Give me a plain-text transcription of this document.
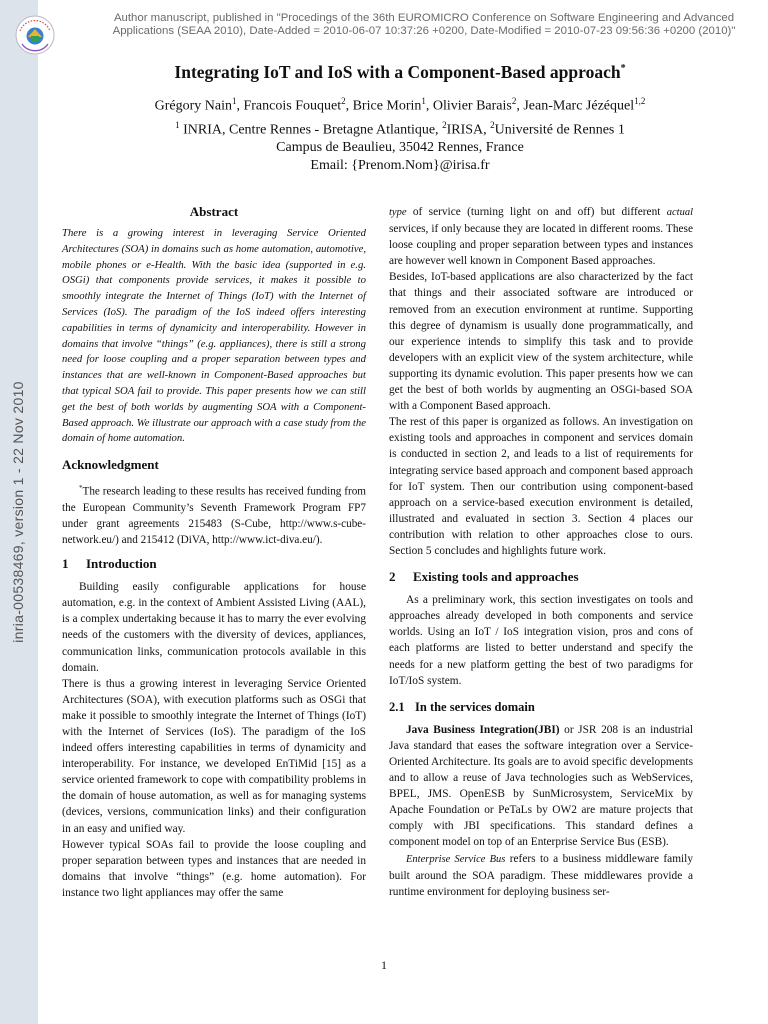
inria-00538469, version 1 - 22 Nov 2010
Author manuscript, published in "Procedings of the 36th EUROMICRO Conference on Software Engineering and Advanced Applications (SEAA 2010), Date-Added = 2010-06-07 10:37:26 +0200, Date-Modified = 2010-07-23 09:56:36 +0200 (2010)"
Integrating IoT and IoS with a Component-Based approach*
Grégory Nain$^1$, Francois Fouquet$^2$, Brice Morin$^1$, Olivier Barais$^2$, Jean-Marc Jézéquel$^{1,2}$
$^1$ INRIA, Centre Rennes - Bretagne Atlantique, $^2$IRISA, $^2$Université de Rennes 1
Campus de Beaulieu, 35042 Rennes, France
Email: {Prenom.Nom}@irisa.fr

Abstract

There is a growing interest in leveraging Service Oriented Architectures (SOA) in domains such as home automation, automotive, mobile phones or e-Health. With the basic idea (supported in e.g. OSGi) that components provide services, it makes it possible to smoothly integrate the Internet of Things (IoT) with the Internet of Services (IoS). The paradigm of the IoS indeed offers interesting capabilities in terms of dynamicity and interoperability. However in domains that involve “things” (e.g. appliances), there is still a strong need for loose coupling and a proper separation between types and instances that are well-known in Component-Based approaches but that typical SOA fail to provide. This paper presents how we can still get the best of both worlds by augmenting SOA with a Component-Based approach. We illustrate our approach with a case study from the domain of home automation.

Acknowledgment

*The research leading to these results has received funding from the European Community’s Seventh Framework Program FP7 under grant agreements 215483 (S-Cube, http://www.s-cube-network.eu/) and 215412 (DiVA, http://www.ict-diva.eu/).

1 Introduction

Building easily configurable applications for house automation, e.g. in the context of Ambient Assisted Living (AAL), is a complex undertaking because it has to marry the ever evolving needs of the customers with the diversity of devices, appliances, communication links, communication protocols available in this domain.

There is thus a growing interest in leveraging Service Oriented Architectures (SOA), with execution platforms such as OSGi that make it possible to smoothly integrate the Internet of Things (IoT) with the Internet of Services (IoS). The paradigm of the IoS indeed offers interesting capabilities in terms of dynamicity and interoperability. For instance, we developed EnTiMid [15] as a service oriented framework to cope with compatibility problems in the domain of house automation, as well as for managing systems (devices, versions, communication links) and their configuration in an easy and unified way.

However typical SOAs fail to provide the loose coupling and proper separation between types and instances that are needed in domains that involve “things” (e.g. home automation). For instance two light appliances may offer the same

type of service (turning light on and off) but different actual services, if only because they are located in different rooms. These loose coupling and proper separation between types and instances are however well known in Component Based approaches.

Besides, IoT-based applications are also characterized by the fact that things and their associated software are introduced or removed from an execution environment at runtime. Supporting this degree of dynamism is usually done programmatically, and our experience intends to simplify this task and to provide developers with an explicit view of the system architecture, while supporting its dynamic evolution. This paper presents how we can get the best of both worlds by augmenting an OSGi-based SOA with a Component Based approach.

The rest of this paper is organized as follows. An investigation on existing tools and approaches in component and services domain is conducted in section 2, and leads to a list of requirements for integrating service based approach and component based approach for IoT system. Then our contribution using component-based approach on a service-based execution environment is detailed, illustrated and evaluated in section 3. Section 4 places our contribution with relation to other approaches close to ours. Section 5 concludes and highlights future work.

2 Existing tools and approaches

As a preliminary work, this section investigates on tools and approaches already developed in both components and service worlds. Using an IoT / IoS integration vision, pros and cons of each platforms are listed to better understand and specify the needs for a new platform getting the best of two paradigms for IoT/IoS system.

2.1 In the services domain

Java Business Integration(JBI) or JSR 208 is an industrial Java standard that eases the software integration over a Service-Oriented Architecture. Its goals are to avoid specific developments and to allow a reuse of Java technologies such as WebServices, BPEL, JMS. OpenESB by SunMicrosystem, ServiceMix by Apache Foundation or PeTaLs by OW2 are mature projects that comply with JBI specifications. This standard defines a component model on top of an Enterprise Service Bus (ESB).

Enterprise Service Bus refers to a business middleware family built around the SOA paradigm. These middlewares provide a runtime environment for deploying business ser-

1
